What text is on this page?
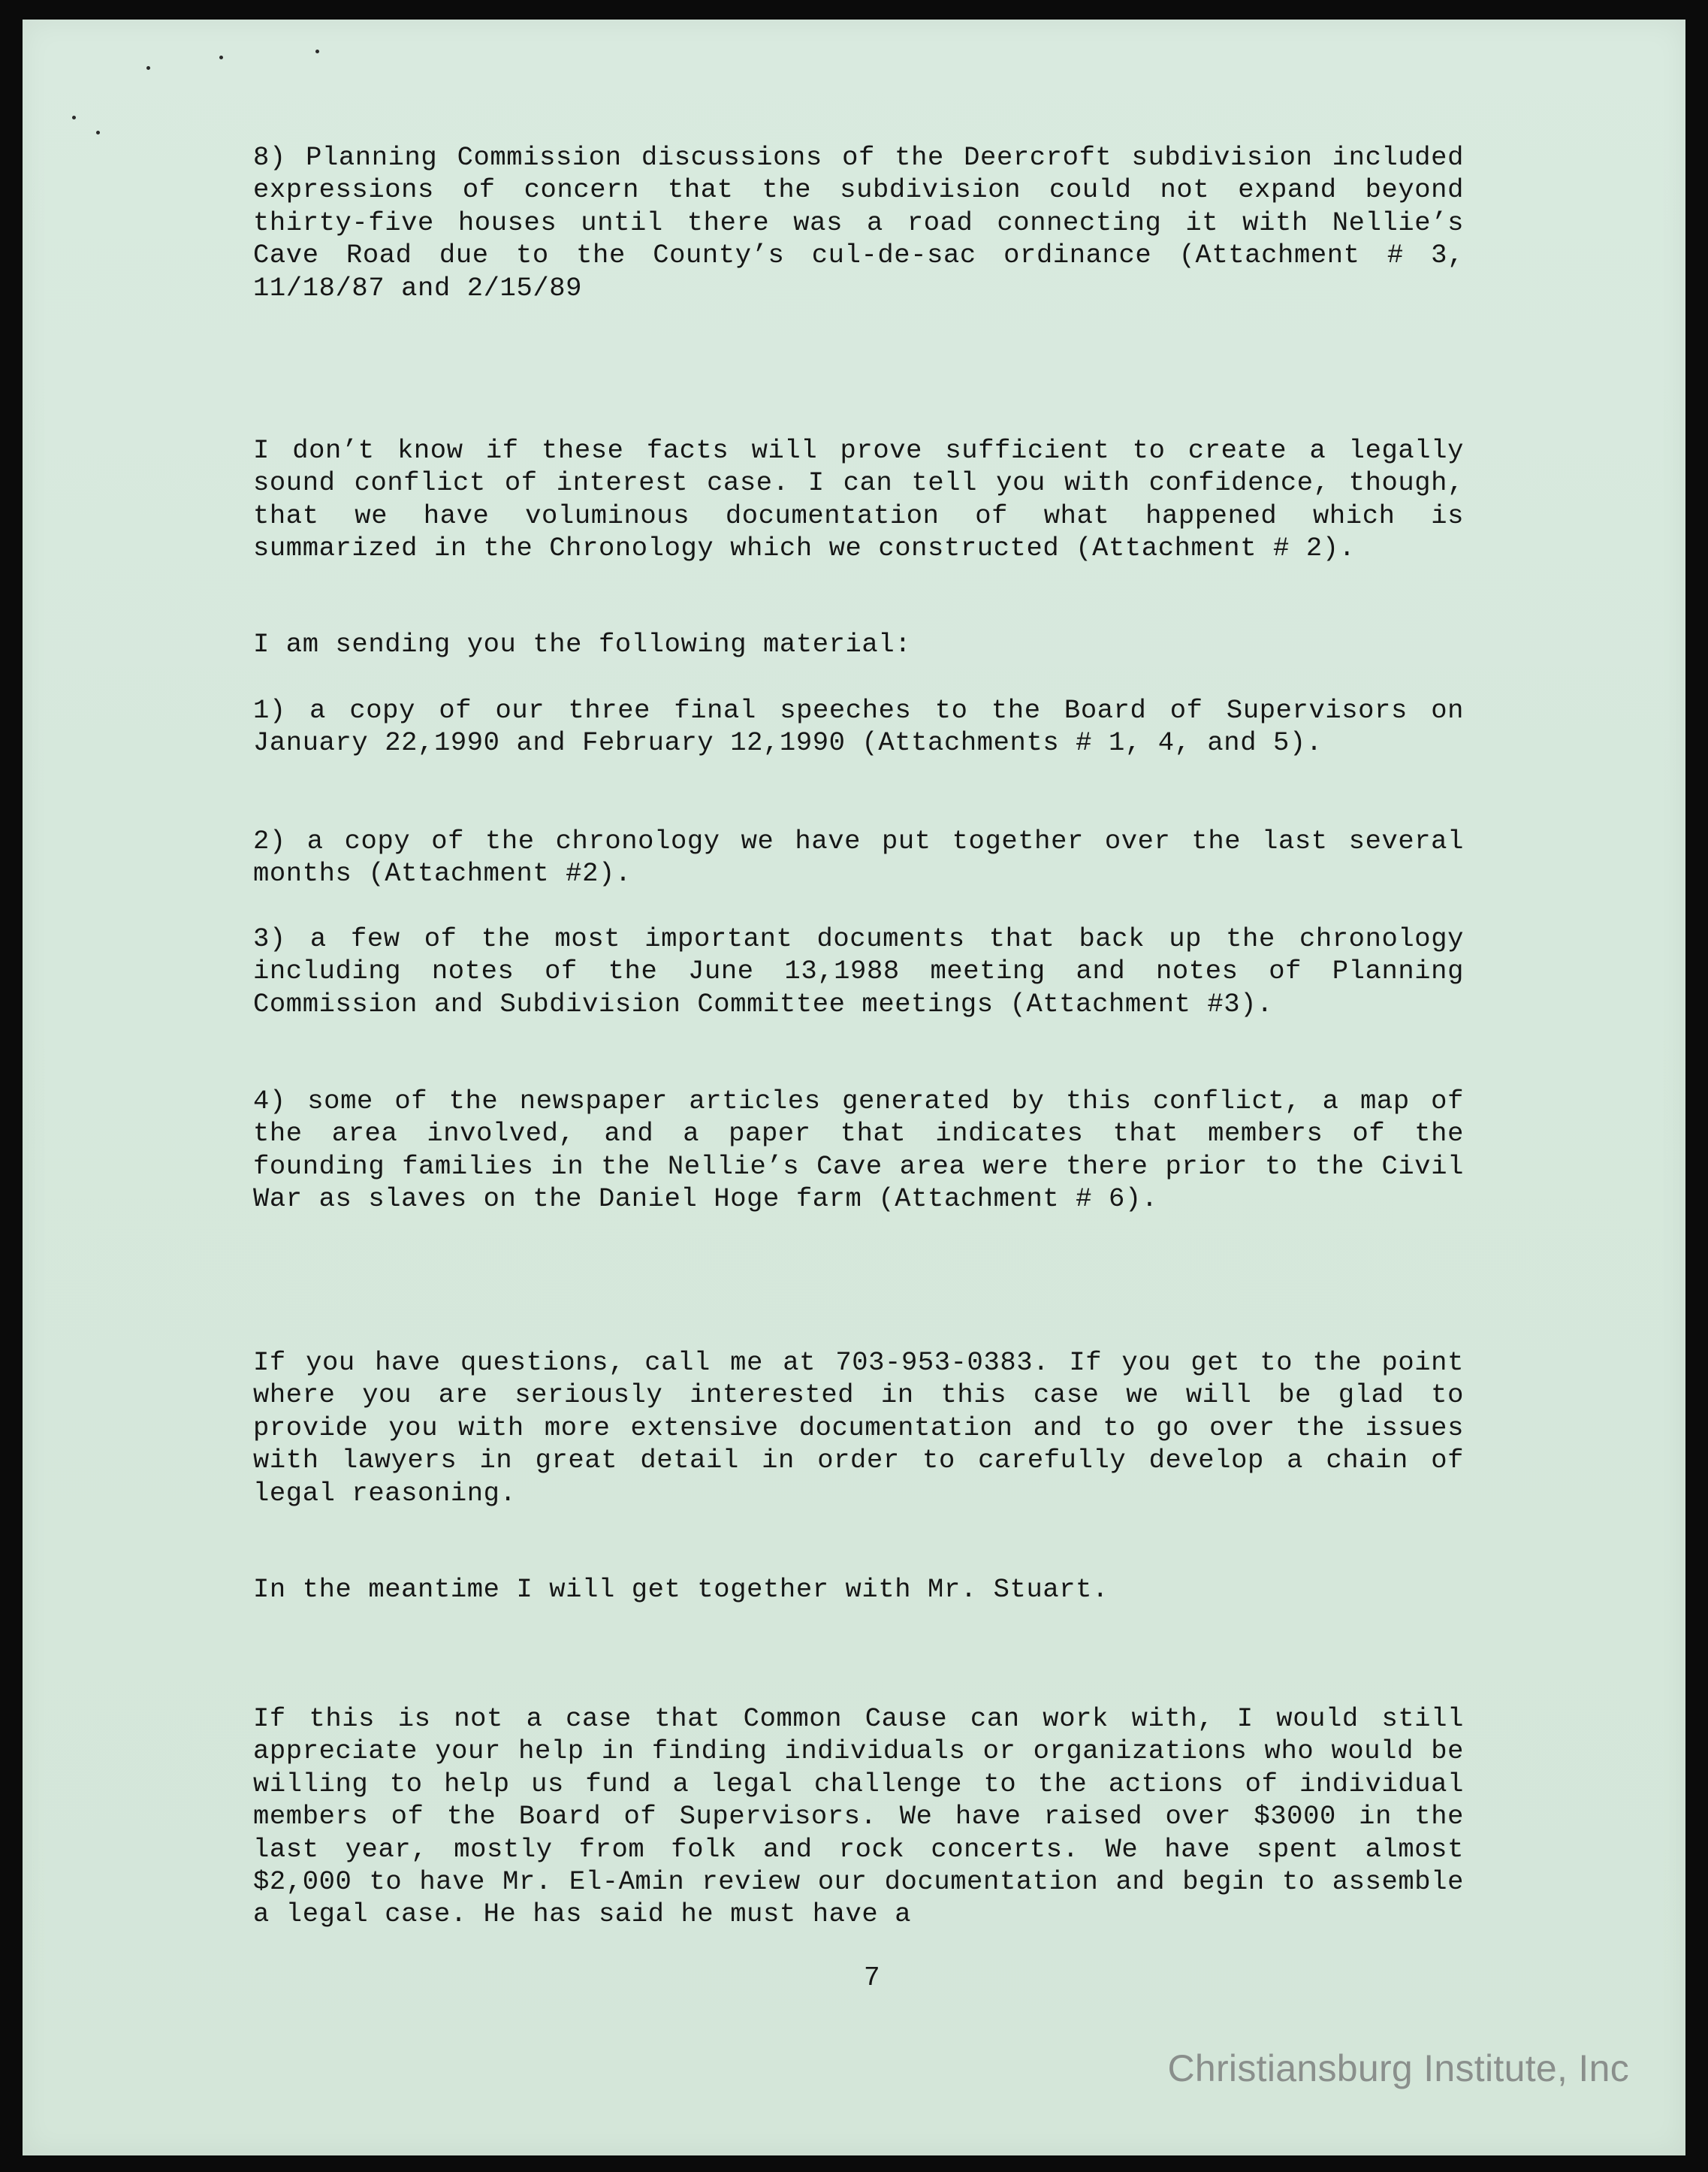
8) Planning Commission discussions of the Deercroft subdivision included expressions of concern that the subdivision could not expand beyond thirty-five houses until there was a road connecting it with Nellie’s Cave Road due to the County’s cul-de-sac ordinance (Attachment # 3, 11/18/87 and 2/15/89

I don’t know if these facts will prove sufficient to create a legally sound conflict of interest case. I can tell you with confidence, though, that we have voluminous documentation of what happened which is summarized in the Chronology which we constructed (Attachment # 2).

I am sending you the following material:

1) a copy of our three final speeches to the Board of Supervisors on January 22,1990 and February 12,1990 (Attachments # 1, 4, and 5).

2) a copy of the chronology we have put together over the last several months (Attachment #2).

3) a few of the most important documents that back up the chronology including notes of the June 13,1988 meeting and notes of Planning Commission and Subdivision Committee meetings (Attachment #3).

4) some of the newspaper articles generated by this conflict, a map of the area involved, and a paper that indicates that members of the founding families in the Nellie’s Cave area were there prior to the Civil War as slaves on the Daniel Hoge farm (Attachment # 6).

If you have questions, call me at 703-953-0383. If you get to the point where you are seriously interested in this case we will be glad to provide you with more extensive documentation and to go over the issues with lawyers in great detail in order to carefully develop a chain of legal reasoning.

In the meantime I will get together with Mr. Stuart.

If this is not a case that Common Cause can work with, I would still appreciate your help in finding individuals or organizations who would be willing to help us fund a legal challenge to the actions of individual members of the Board of Supervisors. We have raised over $3000 in the last year, mostly from folk and rock concerts. We have spent almost $2,000 to have Mr. El-Amin review our documentation and begin to assemble a legal case. He has said he must have a

7
Christiansburg Institute, Inc
